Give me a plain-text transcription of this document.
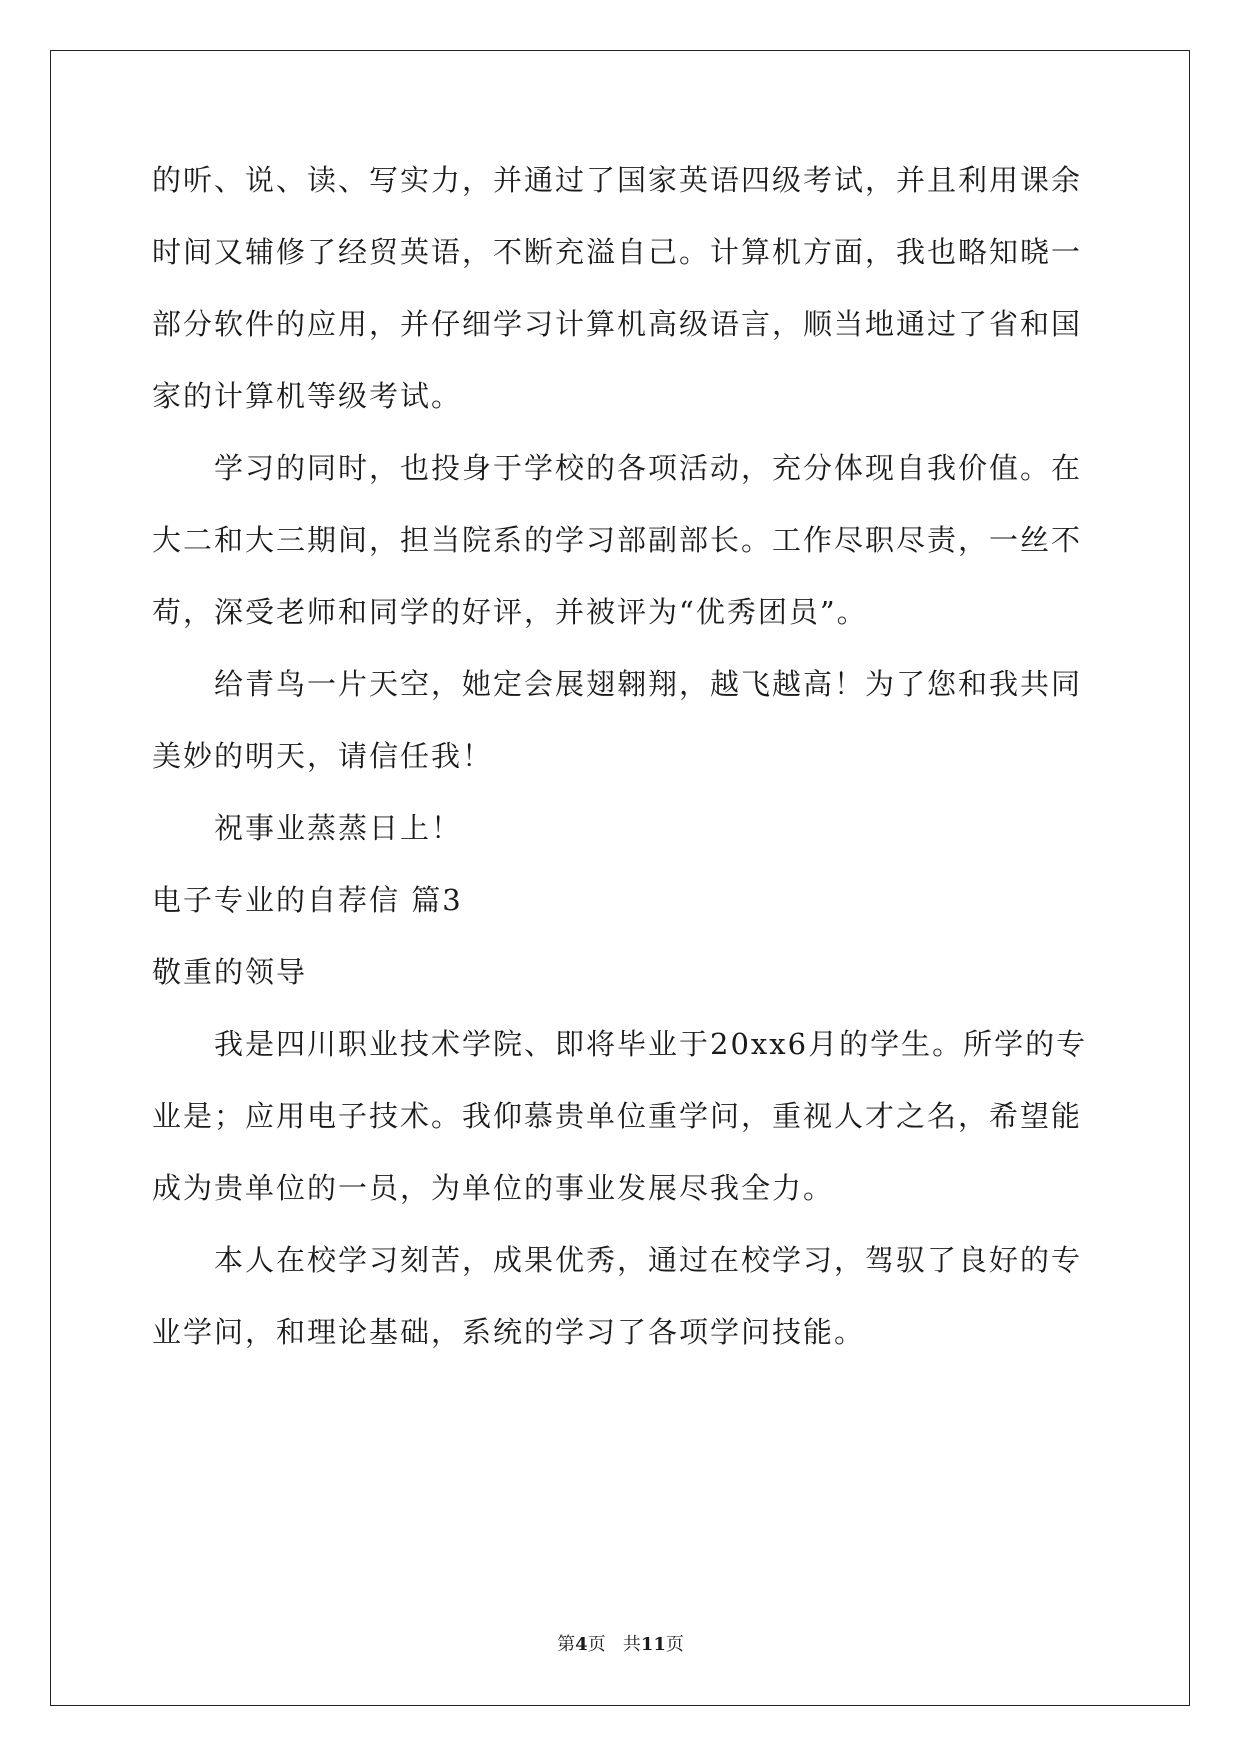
的听、说、读、写实力，并通过了国家英语四级考试，并且利用课余
时间又辅修了经贸英语，不断充溢自己。计算机方面，我也略知晓一
部分软件的应用，并仔细学习计算机高级语言，顺当地通过了省和国
家的计算机等级考试。
　　学习的同时，也投身于学校的各项活动，充分体现自我价值。在
大二和大三期间，担当院系的学习部副部长。工作尽职尽责，一丝不
苟，深受老师和同学的好评，并被评为“优秀团员”。
　　给青鸟一片天空，她定会展翅翱翔，越飞越高！为了您和我共同
美妙的明天，请信任我！
　　祝事业蒸蒸日上！
电子专业的自荐信 篇3
敬重的领导
　　我是四川职业技术学院、即将毕业于20xx6月的学生。所学的专
业是；应用电子技术。我仰慕贵单位重学问，重视人才之名，希望能
成为贵单位的一员，为单位的事业发展尽我全力。
　　本人在校学习刻苦，成果优秀，通过在校学习，驾驭了良好的专
业学问，和理论基础，系统的学习了各项学问技能。
第4页 共11页
